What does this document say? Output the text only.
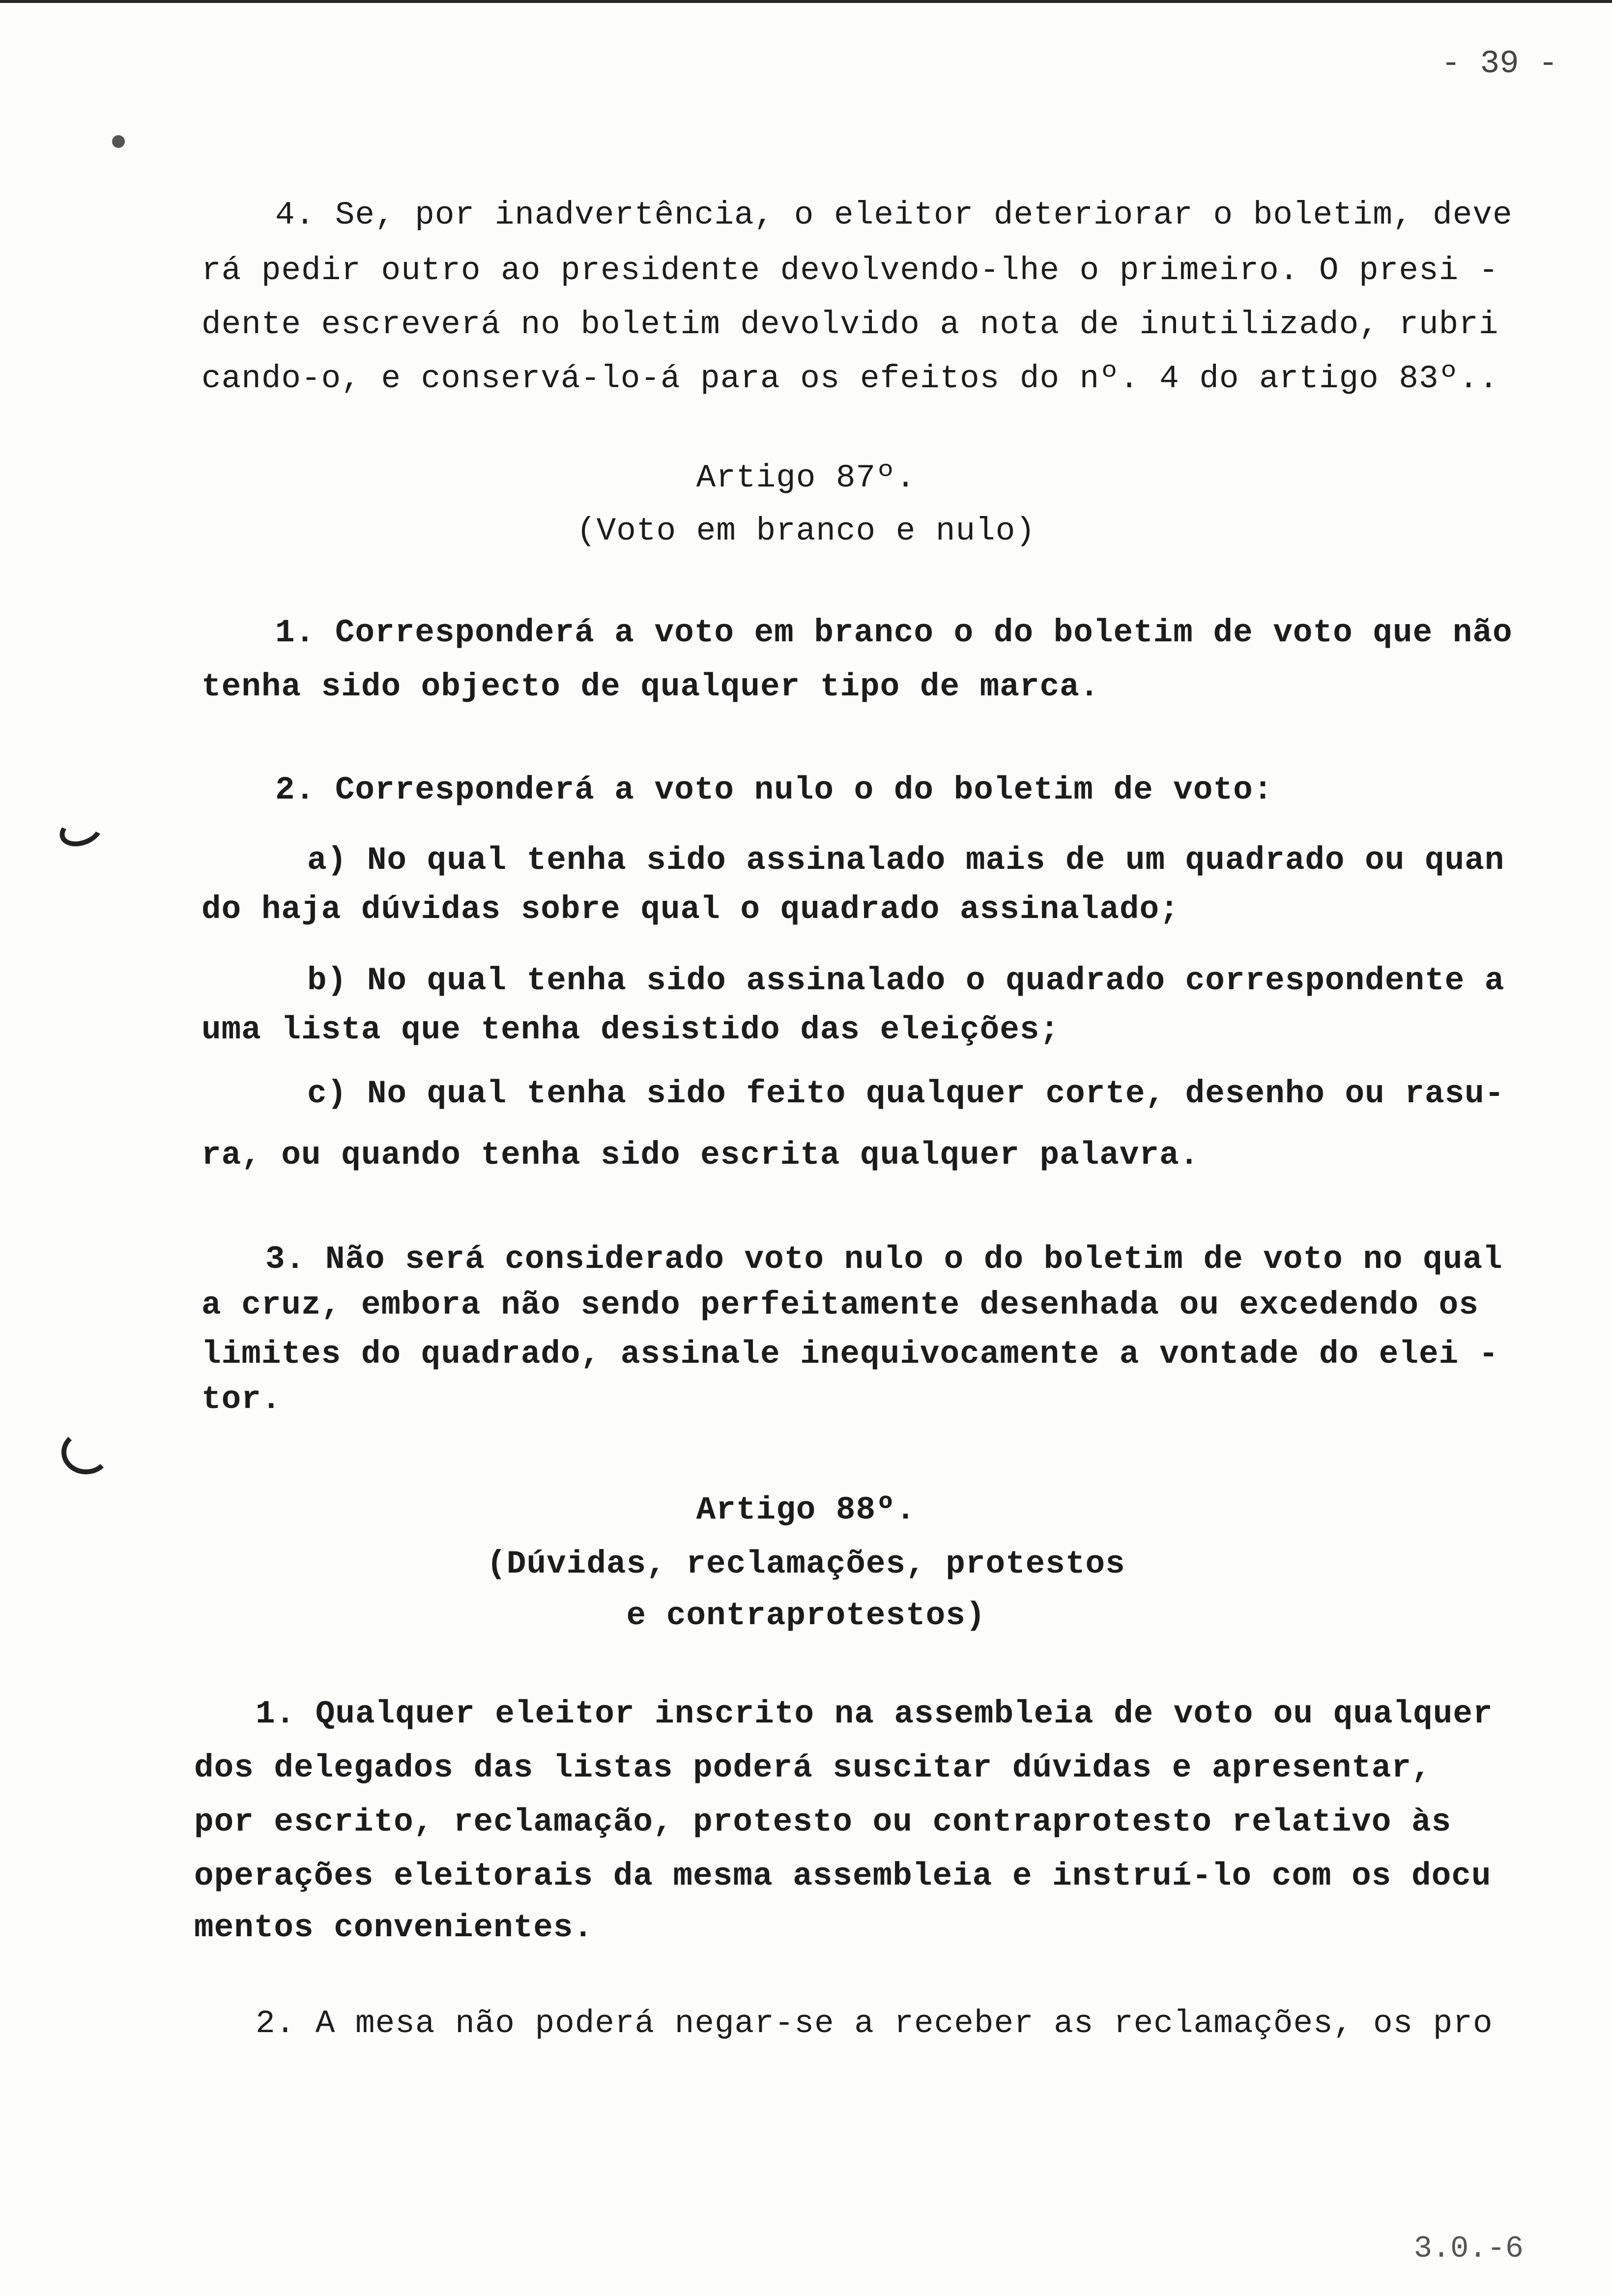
- 39 -
4. Se, por inadvertência, o eleitor deteriorar o boletim, deve
rá pedir outro ao presidente devolvendo-lhe o primeiro. O presi -
dente escreverá no boletim devolvido a nota de inutilizado, rubri
cando-o, e conservá-lo-á para os efeitos do nº. 4 do artigo 83º..
Artigo 87º.
(Voto em branco e nulo)
1. Corresponderá a voto em branco o do boletim de voto que não
tenha sido objecto de qualquer tipo de marca.
2. Corresponderá a voto nulo o do boletim de voto:
a) No qual tenha sido assinalado mais de um quadrado ou quan
do haja dúvidas sobre qual o quadrado assinalado;
b) No qual tenha sido assinalado o quadrado correspondente a
uma lista que tenha desistido das eleições;
c) No qual tenha sido feito qualquer corte, desenho ou rasu-
ra, ou quando tenha sido escrita qualquer palavra.
3. Não será considerado voto nulo o do boletim de voto no qual
a cruz, embora não sendo perfeitamente desenhada ou excedendo os
limites do quadrado, assinale inequivocamente a vontade do elei -
tor.
Artigo 88º.
(Dúvidas, reclamações, protestos
e contraprotestos)
1. Qualquer eleitor inscrito na assembleia de voto ou qualquer
dos delegados das listas poderá suscitar dúvidas e apresentar,
por escrito, reclamação, protesto ou contraprotesto relativo às
operações eleitorais da mesma assembleia e instruí-lo com os docu
mentos convenientes.
2. A mesa não poderá negar-se a receber as reclamações, os pro
3.0.-6
